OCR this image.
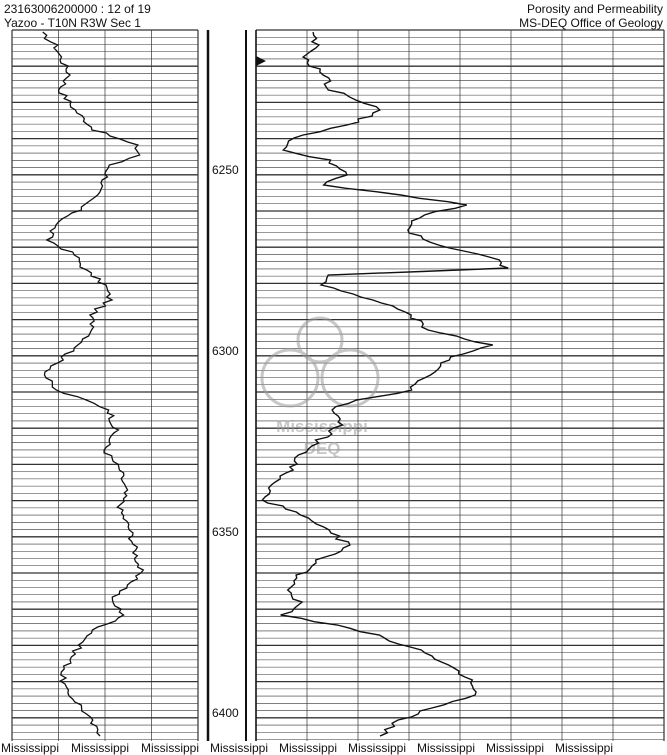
23163006200000 : 12 of 19
Yazoo - T10N R3W Sec 1
Porosity and Permeability
MS-DEQ Office of Geology
6250
6300
6350
6400
Mississippi
DEQ
Mississippi Mississippi Mississippi Mississippi Mississippi Mississippi Mississippi Mississippi Mississippi
